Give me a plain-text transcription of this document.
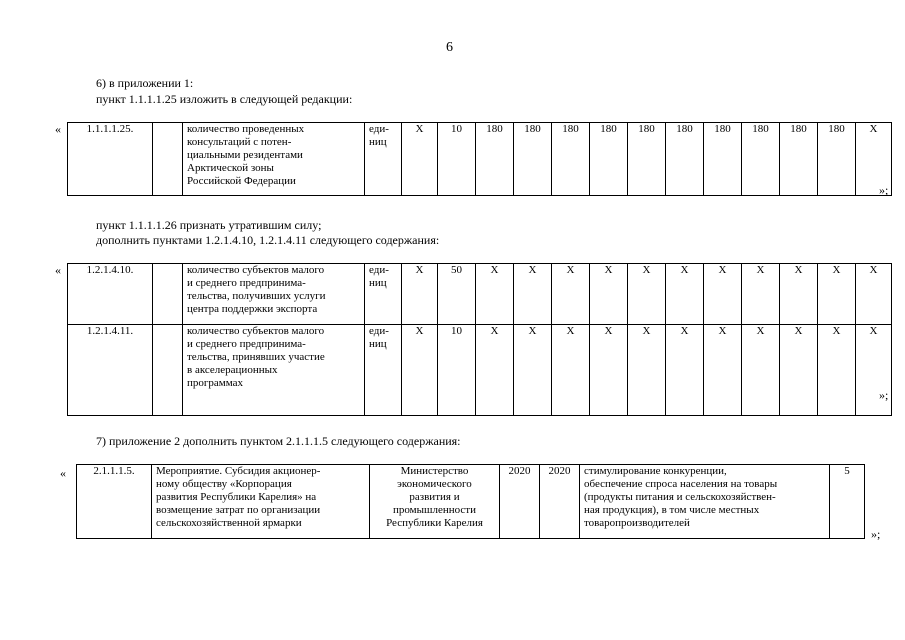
6
6) в приложении 1:
пункт 1.1.1.1.25 изложить в следующей редакции:
« 1.1.1.1.25.		количество проведенных
консультаций с потен-
циальными резидентами
Арктической зоны
Российской Федерации	еди-
ниц	X	10	180	180	180	180	180	180	180	180	180	180	X
»;
пункт 1.1.1.1.26 признать утратившим силу;
дополнить пунктами 1.2.1.4.10, 1.2.1.4.11 следующего содержания:
« 1.2.1.4.10.		количество субъектов малого
и среднего предпринима-
тельства, получивших услуги
центра поддержки экспорта	еди-
ниц	X	50	X	X	X	X	X	X	X	X	X	X	X
1.2.1.4.11.		количество субъектов малого
и среднего предпринима-
тельства, принявших участие
в акселерационных
программах	еди-
ниц	X	10	X	X	X	X	X	X	X	X	X	X	X
»;
7) приложение 2 дополнить пунктом 2.1.1.1.5 следующего содержания:
« 2.1.1.1.5.	Мероприятие. Субсидия акционер-
ному обществу «Корпорация
развития Республики Карелия» на
возмещение затрат по организации
сельскохозяйственной ярмарки	Министерство
экономического
развития и
промышленности
Республики Карелия	2020	2020	стимулирование конкуренции,
обеспечение спроса населения на товары
(продукты питания и сельскохозяйствен-
ная продукция), в том числе местных
товаропроизводителей	5
»;
